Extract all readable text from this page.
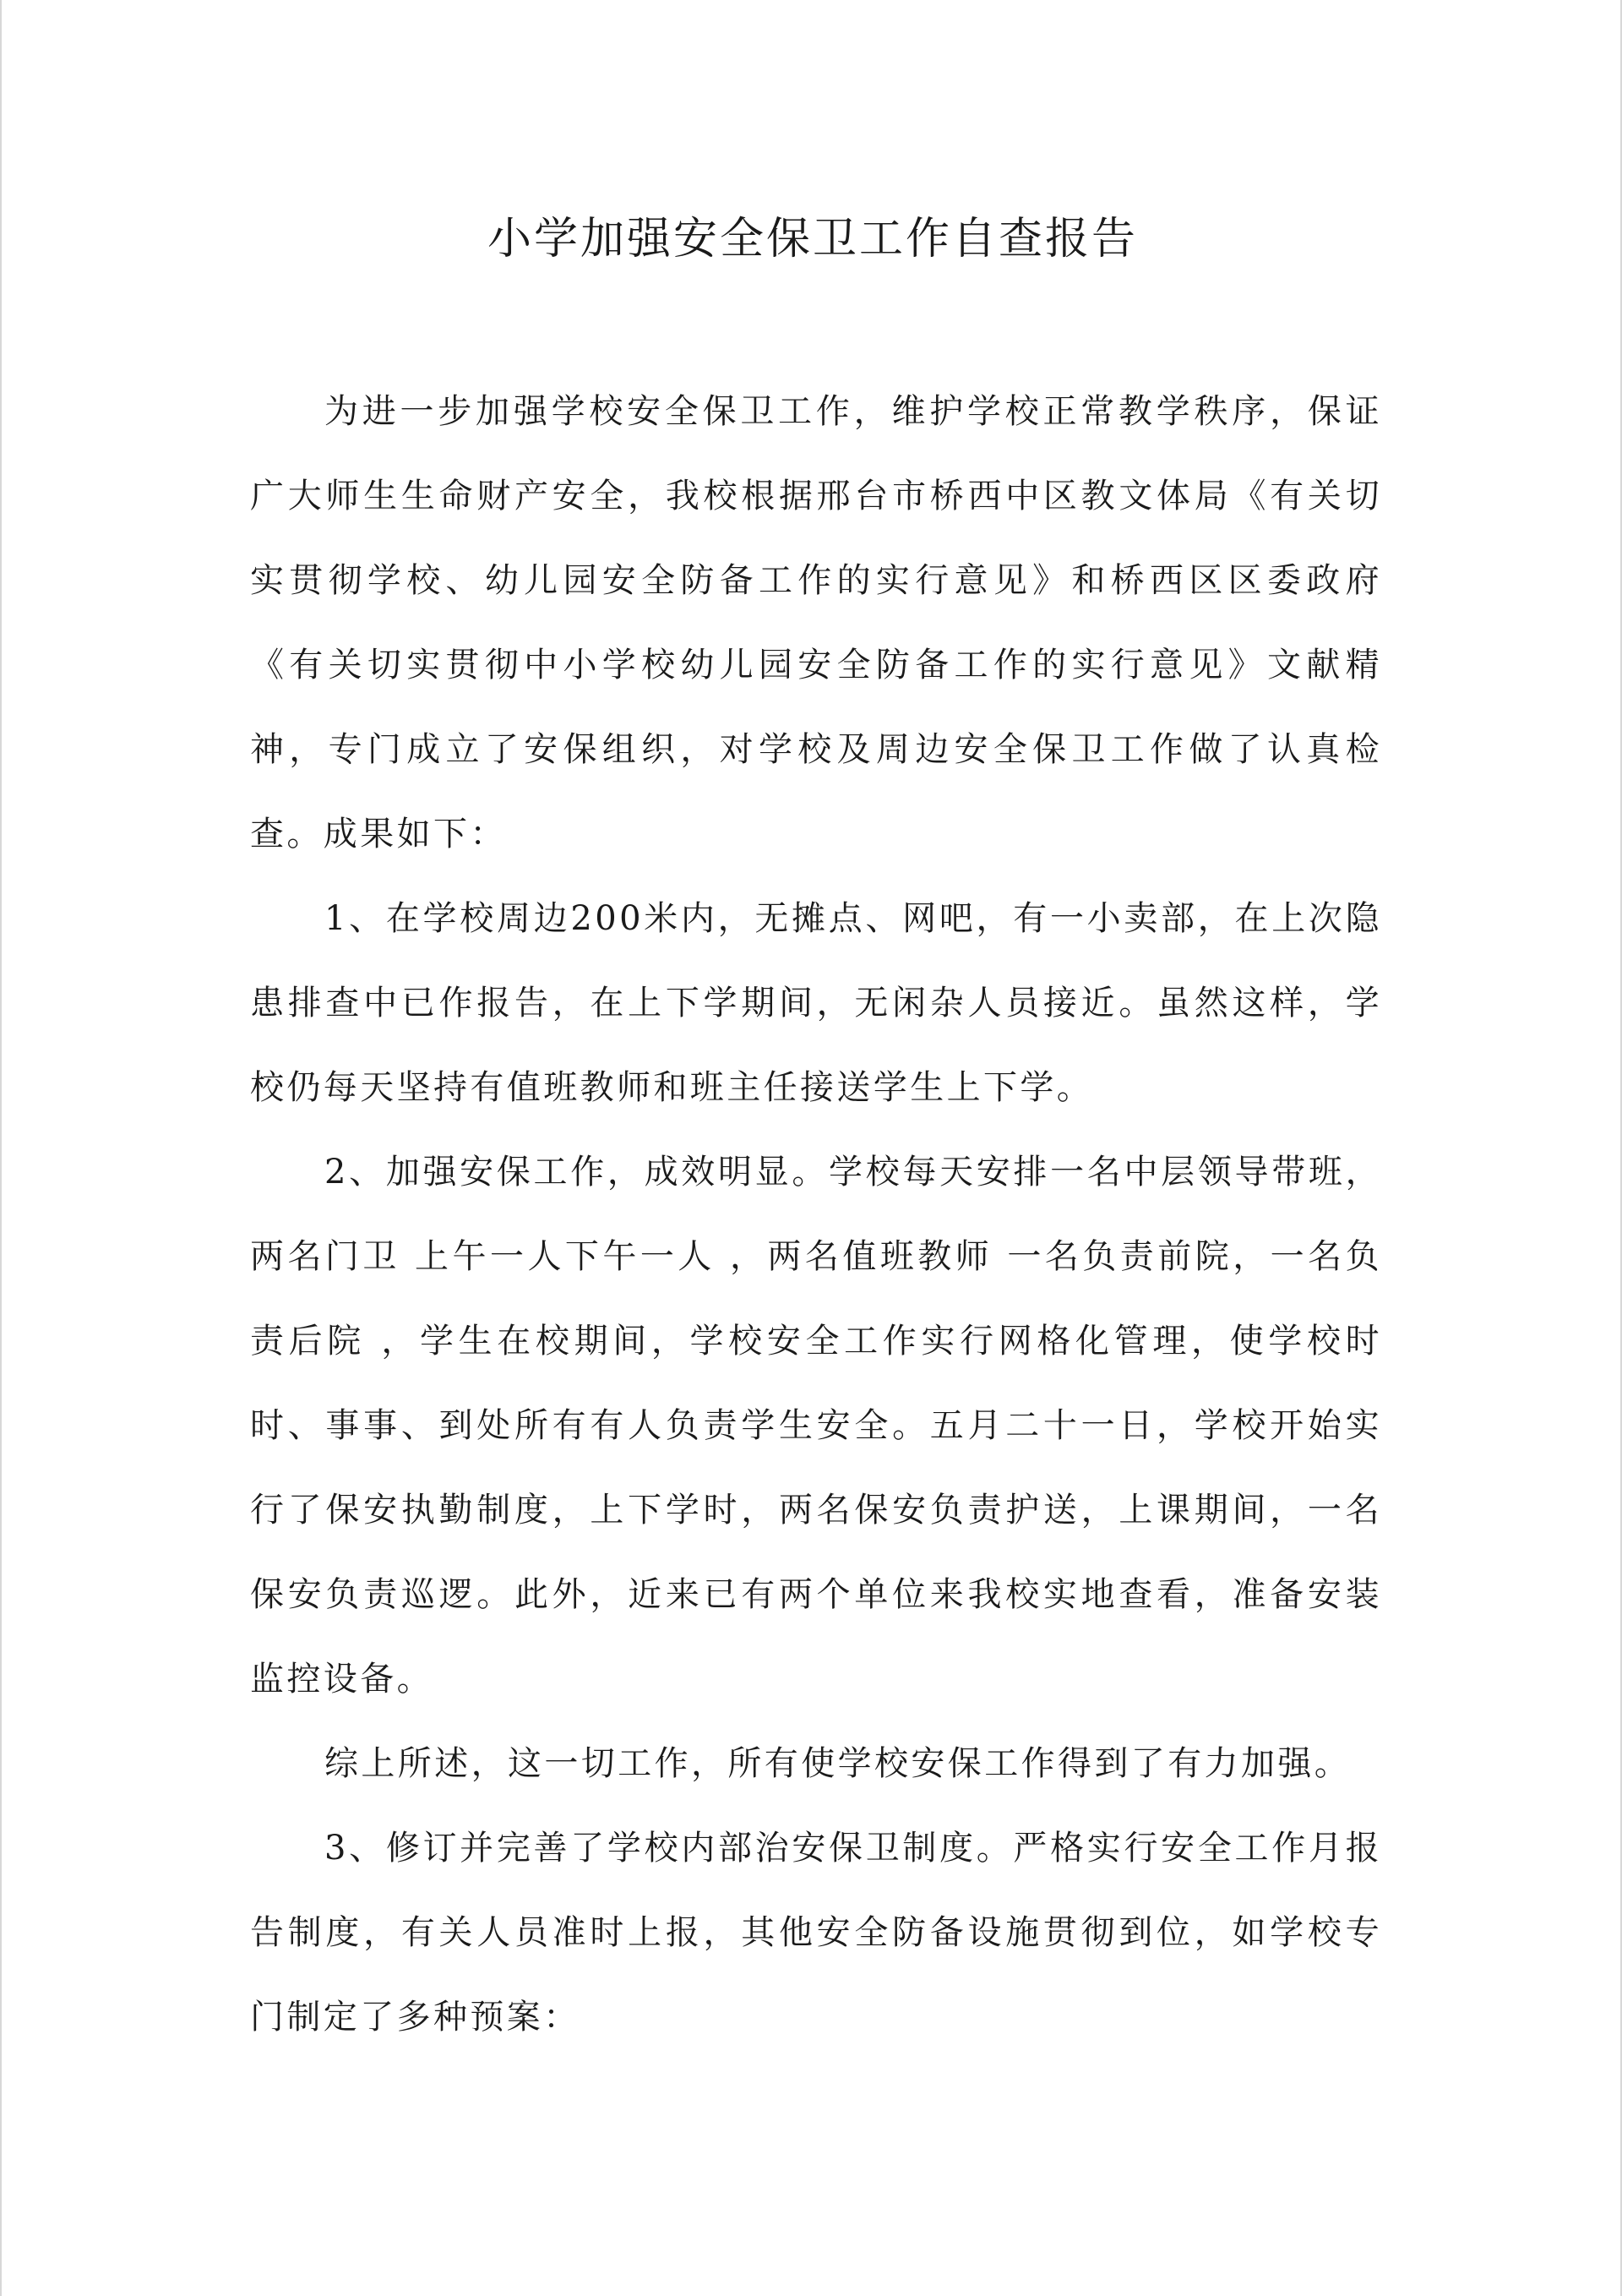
小学加强安全保卫工作自查报告

为进一步加强学校安全保卫工作，维护学校正常教学秩序，保证广大师生生命财产安全，我校根据邢台市桥西中区教文体局《有关切实贯彻学校、幼儿园安全防备工作的实行意见》和桥西区区委政府《有关切实贯彻中小学校幼儿园安全防备工作的实行意见》文献精神，专门成立了安保组织，对学校及周边安全保卫工作做了认真检查。成果如下：

1、在学校周边200米内，无摊点、网吧，有一小卖部，在上次隐患排查中已作报告，在上下学期间，无闲杂人员接近。虽然这样，学校仍每天坚持有值班教师和班主任接送学生上下学。

2、加强安保工作，成效明显。学校每天安排一名中层领导带班，两名门卫 上午一人下午一人 ，两名值班教师 一名负责前院，一名负责后院 ，学生在校期间，学校安全工作实行网格化管理，使学校时时、事事、到处所有有人负责学生安全。五月二十一日，学校开始实行了保安执勤制度，上下学时，两名保安负责护送，上课期间，一名保安负责巡逻。此外，近来已有两个单位来我校实地查看，准备安装监控设备。

综上所述，这一切工作，所有使学校安保工作得到了有力加强。

3、修订并完善了学校内部治安保卫制度。严格实行安全工作月报告制度，有关人员准时上报，其他安全防备设施贯彻到位，如学校专门制定了多种预案：
